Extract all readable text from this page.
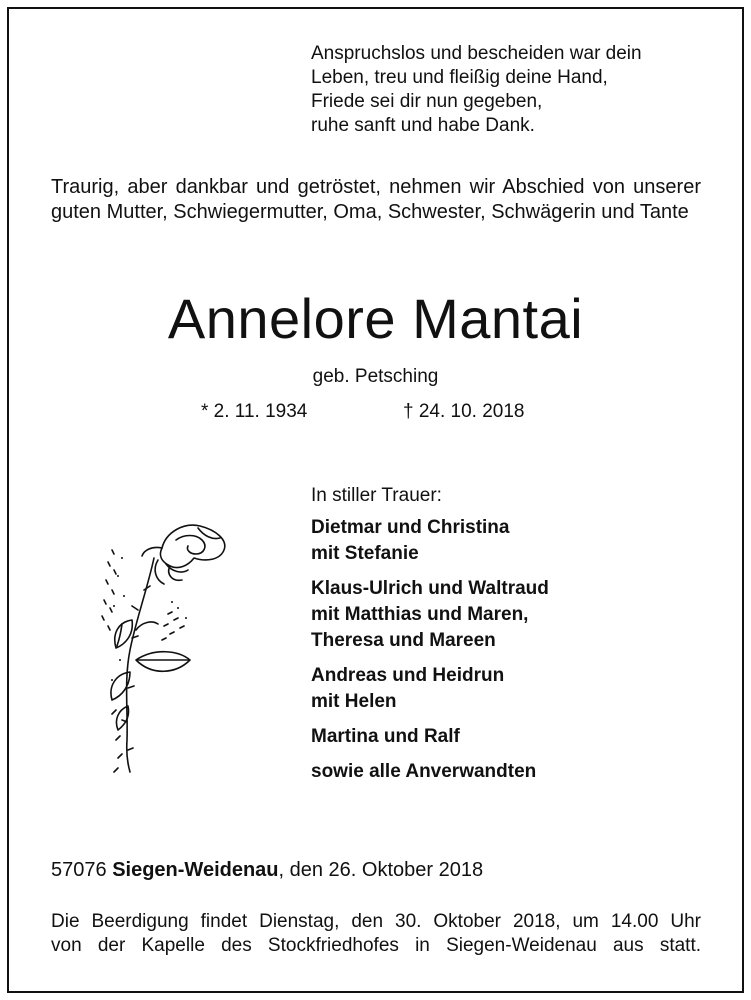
Anspruchslos und bescheiden war dein
Leben, treu und fleißig deine Hand,
Friede sei dir nun gegeben,
ruhe sanft und habe Dank.
Traurig, aber dankbar und getröstet, nehmen wir Abschied von unserer guten Mutter, Schwiegermutter, Oma, Schwester, Schwägerin und Tante
Annelore Mantai
geb. Petsching
* 2. 11. 1934	† 24. 10. 2018
In stiller Trauer:
Dietmar und Christina
mit Stefanie
Klaus-Ulrich und Waltraud
mit Matthias und Maren,
Theresa und Mareen
Andreas und Heidrun
mit Helen
Martina und Ralf
sowie alle Anverwandten
57076 Siegen-Weidenau, den 26. Oktober 2018
Die Beerdigung findet Dienstag, den 30. Oktober 2018, um 14.00 Uhr
von der Kapelle des Stockfriedhofes in Siegen-Weidenau aus statt.
